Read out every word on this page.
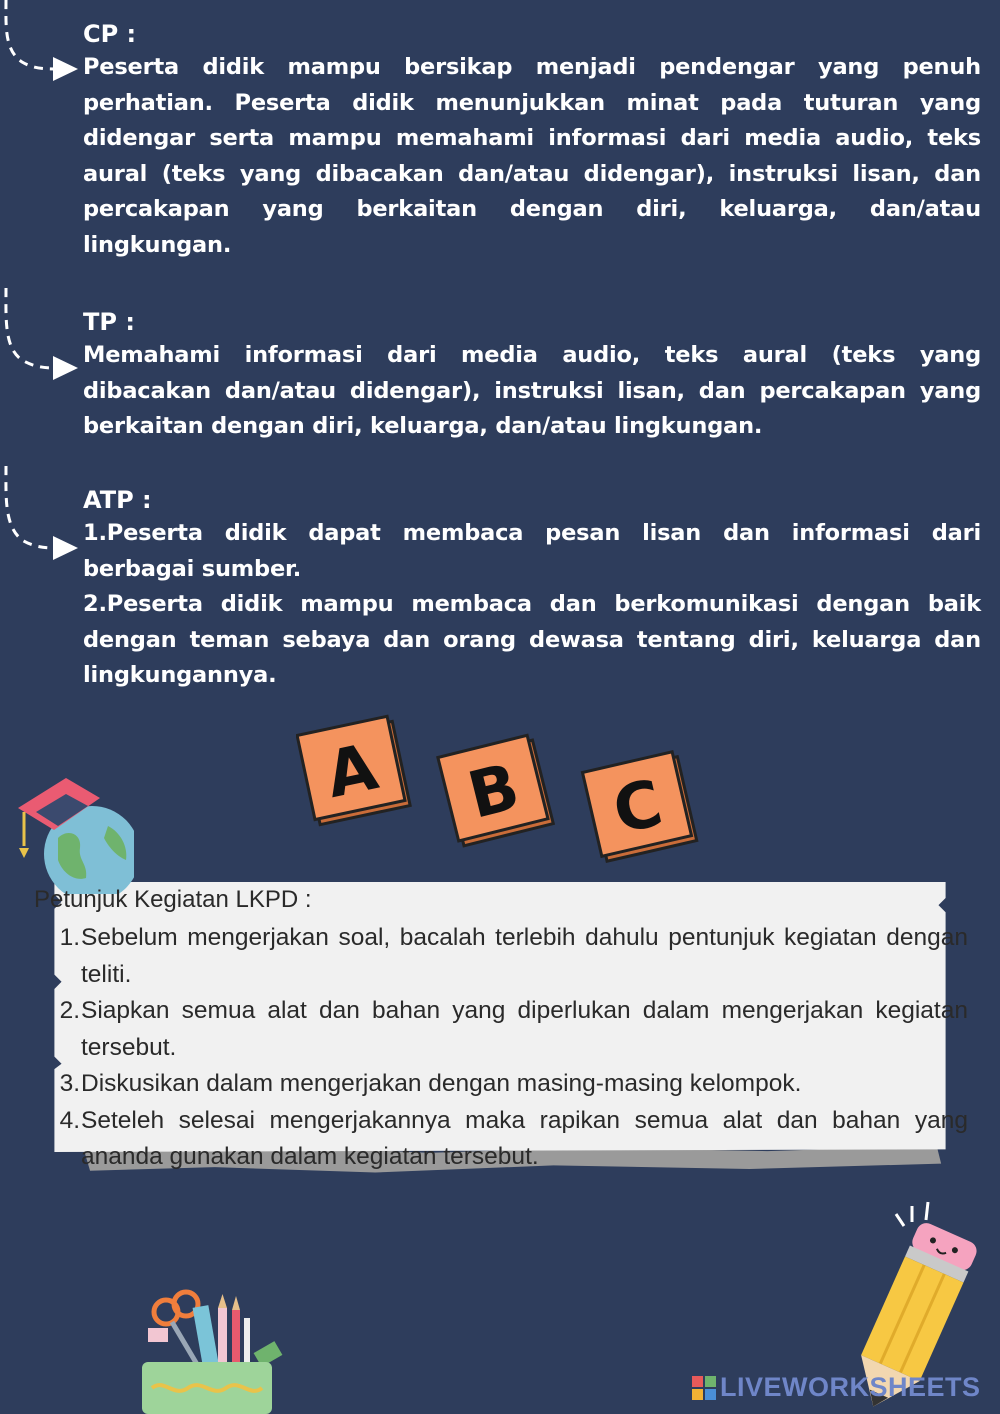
CP :

Peserta didik mampu bersikap menjadi pendengar yang penuh perhatian. Peserta didik menunjukkan minat pada tuturan yang didengar serta mampu memahami informasi dari media audio, teks aural (teks yang dibacakan dan/atau didengar), instruksi lisan, dan percakapan yang berkaitan dengan diri, keluarga, dan/atau lingkungan.

TP :

Memahami informasi dari media audio, teks aural (teks yang dibacakan dan/atau didengar), instruksi lisan, dan percakapan yang berkaitan dengan diri, keluarga, dan/atau lingkungan.

ATP :

1.Peserta didik dapat membaca pesan lisan dan informasi dari berbagai sumber.

2.Peserta didik mampu membaca dan berkomunikasi dengan baik dengan teman sebaya dan orang dewasa tentang diri, keluarga dan lingkungannya.

A B C

Petunjuk Kegiatan LKPD :

1. Sebelum mengerjakan soal, bacalah terlebih dahulu pentunjuk kegiatan dengan teliti.
2. Siapkan semua alat dan bahan yang diperlukan dalam mengerjakan kegiatan tersebut.
3. Diskusikan dalam mengerjakan dengan masing-masing kelompok.
4. Seteleh selesai mengerjakannya maka rapikan semua alat dan bahan yang ananda gunakan dalam kegiatan tersebut.
LIVEWORKSHEETS
